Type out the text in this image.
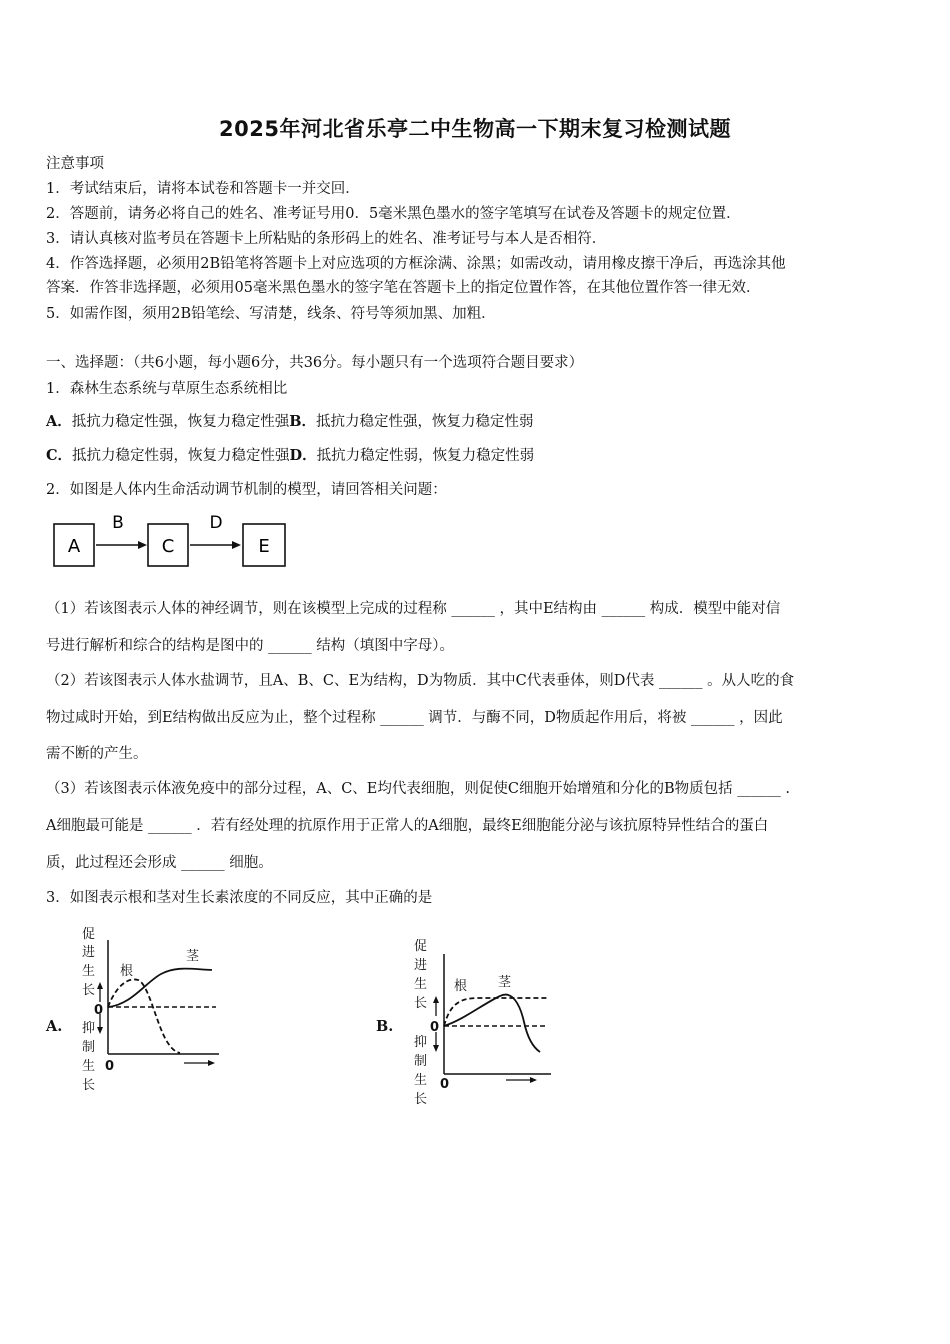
2025年河北省乐亭二中生物高一下期末复习检测试题
注意事项
1．考试结束后，请将本试卷和答题卡一并交回．
2．答题前，请务必将自己的姓名、准考证号用0．5毫米黑色墨水的签字笔填写在试卷及答题卡的规定位置．
3．请认真核对监考员在答题卡上所粘贴的条形码上的姓名、准考证号与本人是否相符．
4．作答选择题，必须用2B铅笔将答题卡上对应选项的方框涂满、涂黑；如需改动，请用橡皮擦干净后，再选涂其他
答案．作答非选择题，必须用05毫米黑色墨水的签字笔在答题卡上的指定位置作答，在其他位置作答一律无效．
5．如需作图，须用2B铅笔绘、写清楚，线条、符号等须加黑、加粗．
一、选择题：（共6小题，每小题6分，共36分。每小题只有一个选项符合题目要求）
1．森林生态系统与草原生态系统相比
A．抵抗力稳定性强，恢复力稳定性强B．抵抗力稳定性强，恢复力稳定性弱
C．抵抗力稳定性弱，恢复力稳定性强D．抵抗力稳定性弱，恢复力稳定性弱
2．如图是人体内生命活动调节机制的模型，请回答相关问题：
A
B
C
D
E
（1）若该图表示人体的神经调节，则在该模型上完成的过程称 ______ ，其中E结构由 ______ 构成．模型中能对信
号进行解析和综合的结构是图中的 ______ 结构（填图中字母）。
（2）若该图表示人体水盐调节，且A、B、C、E为结构，D为物质．其中C代表垂体，则D代表 ______ 。从人吃的食
物过咸时开始，到E结构做出反应为止，整个过程称 ______ 调节．与酶不同，D物质起作用后，将被 ______ ，因此
需不断的产生。
（3）若该图表示体液免疫中的部分过程，A、C、E均代表细胞，则促使C细胞开始增殖和分化的B物质包括 ______ .
A细胞最可能是 ______ ．若有经处理的抗原作用于正常人的A细胞，最终E细胞能分泌与该抗原特异性结合的蛋白
质，此过程还会形成 ______ 细胞。
3．如图表示根和茎对生长素浓度的不同反应，其中正确的是
A.	B.
促
进
生
长
抑
制
生
长
0
0
根
茎
促
进
生
长
抑
制
生
长
0
0
根 茎
